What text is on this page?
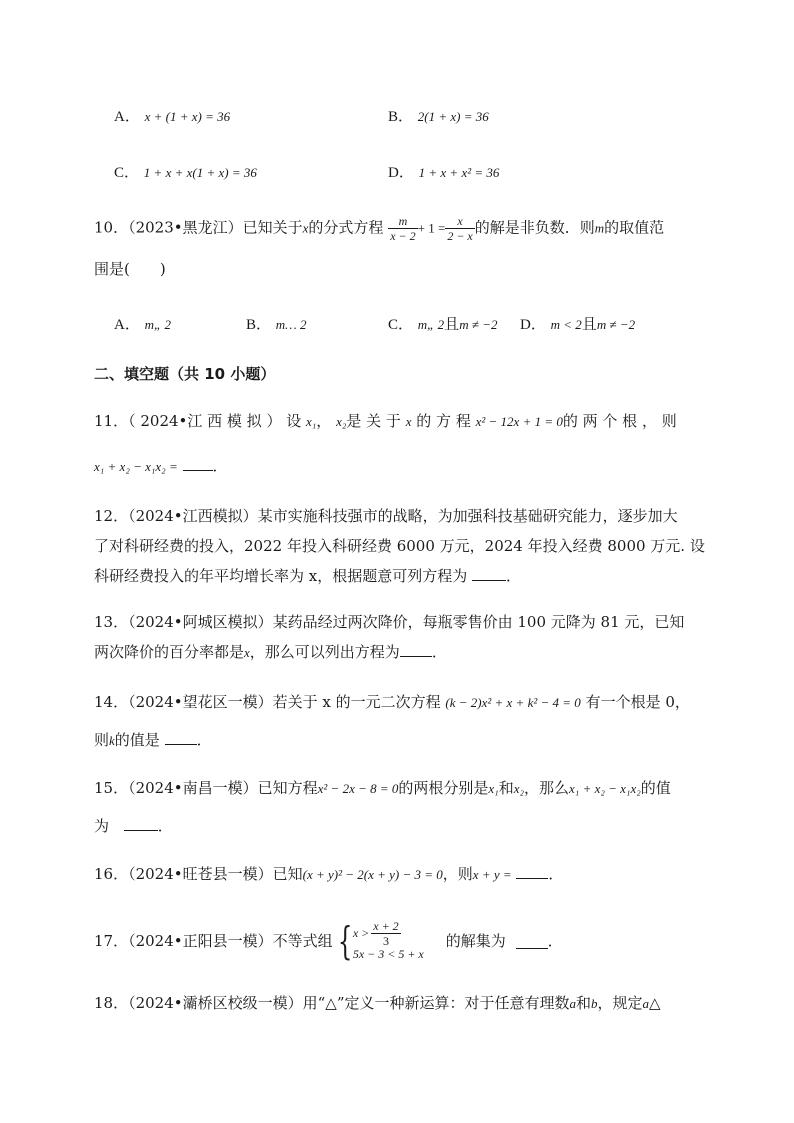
A． x + (1 + x) = 36	B． 2(1 + x) = 36
C． 1 + x + x(1 + x) = 36	D． 1 + x + x² = 36
10．（2023•黑龙江）已知关于x的分式方程 $\frac{m}{x - 2} + 1 = \frac{x}{2 - x}$ 的解是非负数．则m的取值范
围是(　　)
A． m„ 2	B． m… 2	C． m„ 2且m ≠ −2 D． m < 2且m ≠ −2
二、填空题（共 10 小题）
11．（ 2024•江 西 模 拟 ） 设 x₁， x₂是 关 于 x 的 方 程 x² − 12x + 1 = 0的 两 个 根 ， 则
x₁ + x₂ − x₁x₂ = ．
12．（2024•江西模拟）某市实施科技强市的战略，为加强科技基础研究能力，逐步加大
了对科研经费的投入，2022 年投入科研经费 6000 万元，2024 年投入经费 8000 万元. 设
科研经费投入的年平均增长率为 x，根据题意可列方程为	．
13．（2024•阿城区模拟）某药品经过两次降价，每瓶零售价由 100 元降为 81 元，已知
两次降价的百分率都是x，那么可以列出方程为 ．
14．（2024•望花区一模）若关于 x 的一元二次方程 (k − 2)x² + x + k² − 4 = 0 有一个根是 0，
则k的值是 ．
15．（2024•南昌一模）已知方程x² − 2x − 8 = 0的两根分别是x₁和x₂，那么x₁ + x₂ − x₁x₂的值
为	．
16．（2024•旺苍县一模）已知(x + y)² − 2(x + y) − 3 = 0，则x + y = ．
17．（2024•正阳县一模）不等式组 { $x > \frac{x + 2}{3}$
5x − 3 < 5 + x
的解集为	．
18．（2024•灞桥区校级一模）用“△”定义一种新运算：对于任意有理数a和b，规定a△
